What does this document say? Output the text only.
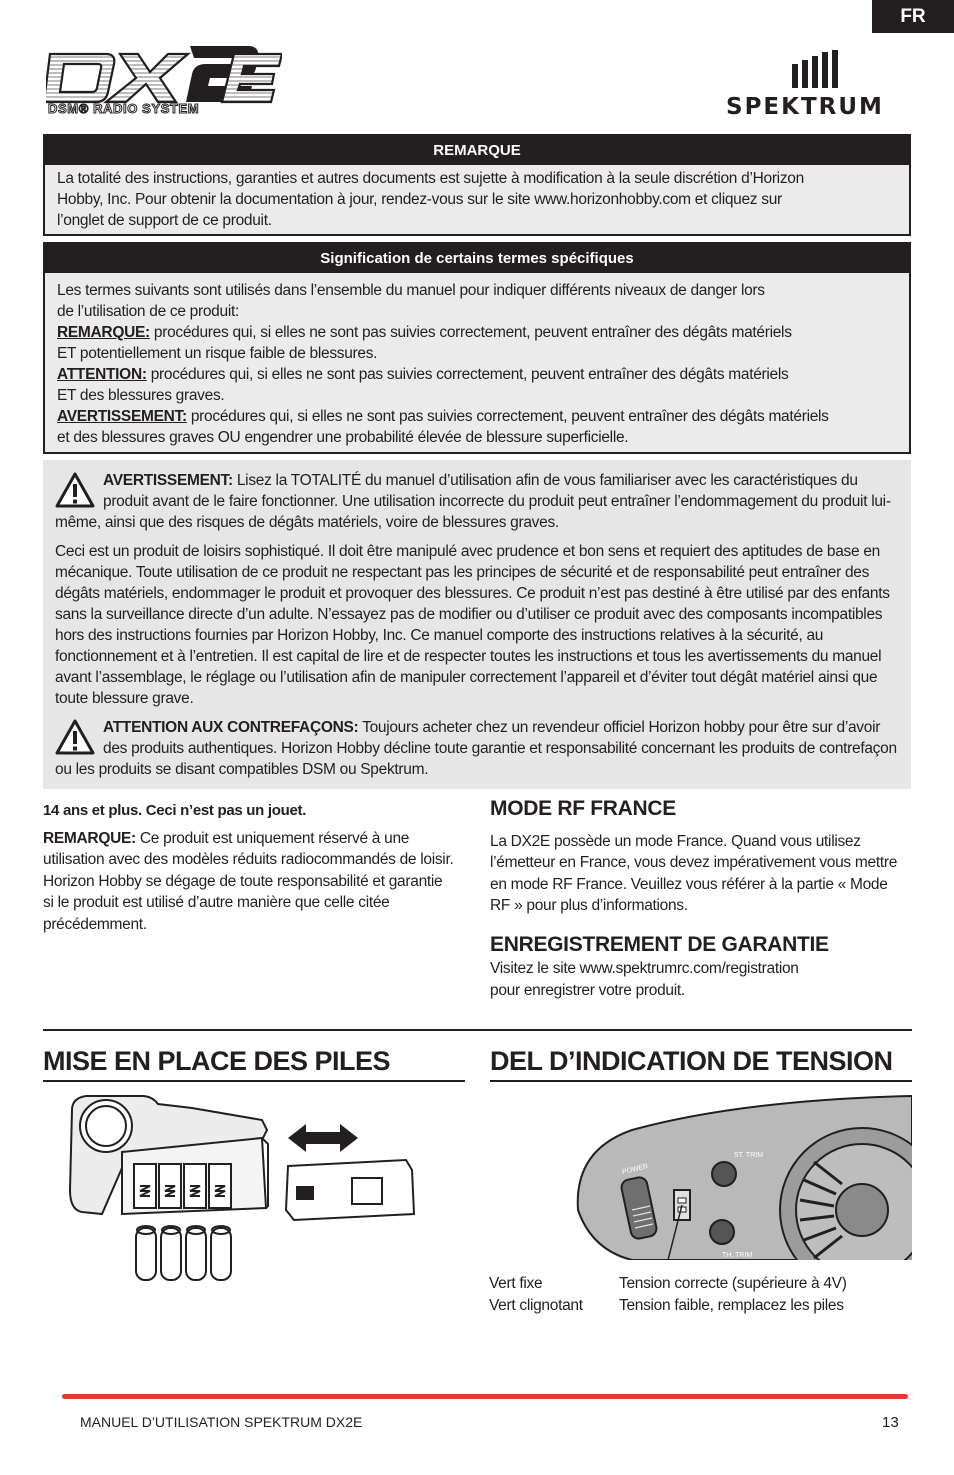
FR
DSM® RADIO SYSTEM	SPEKTRUM
REMARQUE
La totalité des instructions, garanties et autres documents est sujette à modification à la seule discrétion d’Horizon
Hobby, Inc. Pour obtenir la documentation à jour, rendez-vous sur le site www.horizonhobby.com et cliquez sur
l’onglet de support de ce produit.
Signification de certains termes spécifiques
Les termes suivants sont utilisés dans l’ensemble du manuel pour indiquer différents niveaux de danger lors
de l’utilisation de ce produit:
REMARQUE: procédures qui, si elles ne sont pas suivies correctement, peuvent entraîner des dégâts matériels
ET potentiellement un risque faible de blessures.
ATTENTION: procédures qui, si elles ne sont pas suivies correctement, peuvent entraîner des dégâts matériels
ET des blessures graves.
AVERTISSEMENT: procédures qui, si elles ne sont pas suivies correctement, peuvent entraîner des dégâts matériels
et des blessures graves OU engendrer une probabilité élevée de blessure superficielle.

AVERTISSEMENT: Lisez la TOTALITÉ du manuel d’utilisation afin de vous familiariser avec les caractéristiques du produit avant de le faire fonctionner. Une utilisation incorrecte du produit peut entraîner l’endommagement du produit lui-même, ainsi que des risques de dégâts matériels, voire de blessures graves.

Ceci est un produit de loisirs sophistiqué. Il doit être manipulé avec prudence et bon sens et requiert des aptitudes de base en mécanique. Toute utilisation de ce produit ne respectant pas les principes de sécurité et de responsabilité peut entraîner des dégâts matériels, endommager le produit et provoquer des blessures. Ce produit n’est pas destiné à être utilisé par des enfants sans la surveillance directe d’un adulte. N’essayez pas de modifier ou d’utiliser ce produit avec des composants incompatibles hors des instructions fournies par Horizon Hobby, Inc. Ce manuel comporte des instructions relatives à la sécurité, au fonctionnement et à l’entretien. Il est capital de lire et de respecter toutes les instructions et tous les avertissements du manuel avant l’assemblage, le réglage ou l’utilisation afin de manipuler correctement l’appareil et d’éviter tout dégât matériel ainsi que toute blessure grave.

ATTENTION AUX CONTREFAÇONS: Toujours acheter chez un revendeur officiel Horizon hobby pour être sur d’avoir des produits authentiques. Horizon Hobby décline toute garantie et responsabilité concernant les produits de contrefaçon ou les produits se disant compatibles DSM ou Spektrum.

14 ans et plus. Ceci n’est pas un jouet.

REMARQUE: Ce produit est uniquement réservé à une utilisation avec des modèles réduits radiocommandés de loisir. Horizon Hobby se dégage de toute responsabilité et garantie si le produit est utilisé d’autre manière que celle citée précédemment.

MODE RF FRANCE

La DX2E possède un mode France. Quand vous utilisez l’émetteur en France, vous devez impérativement vous mettre en mode RF France. Veuillez vous référer à la partie « Mode RF » pour plus d’informations.

ENREGISTREMENT DE GARANTIE
Visitez le site www.spektrumrc.com/registration
pour enregistrer votre produit.
MISE EN PLACE DES PILES	DEL D’INDICATION DE TENSION
POWER
ST. TRIM
TH. TRIM
Vert fixe	Tension correcte (supérieure à 4V)
Vert clignotant	Tension faible, remplacez les piles
MANUEL D’UTILISATION SPEKTRUM DX2E	13
